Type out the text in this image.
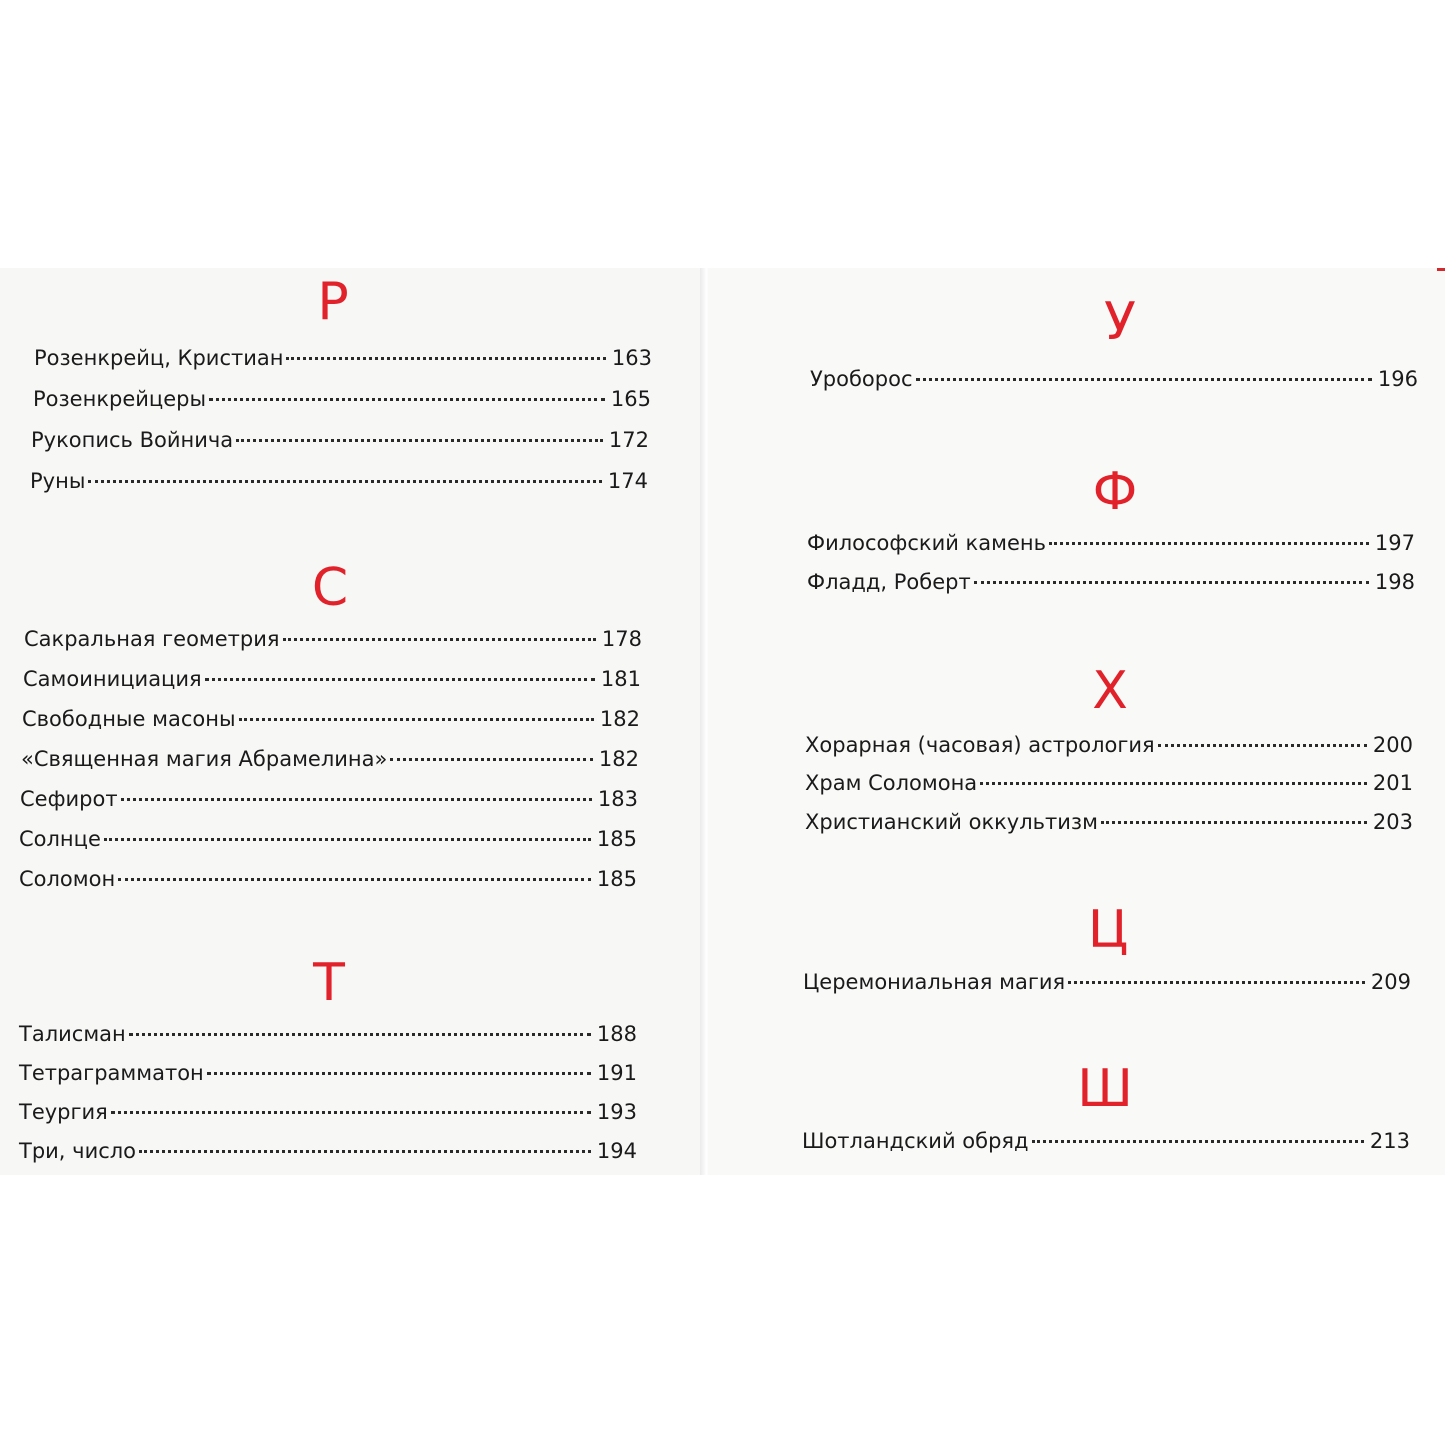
Р
Розенкрейц, Кристиан	163
Розенкрейцеры	165
Рукопись Войнича	172
Руны	174
С
Сакральная геометрия	178
Самоинициация	181
Свободные масоны	182
«Священная магия Абрамелина»	182
Сефирот	183
Солнце	185
Соломон	185
Т
Талисман	188
Тетраграмматон	191
Теургия	193
Три, число	194
У
Уроборос	196
Ф
Философский камень	197
Фладд, Роберт	198
Х
Хорарная (часовая) астрология	200
Храм Соломона	201
Христианский оккультизм	203
Ц
Церемониальная магия	209
Ш
Шотландский обряд	213
